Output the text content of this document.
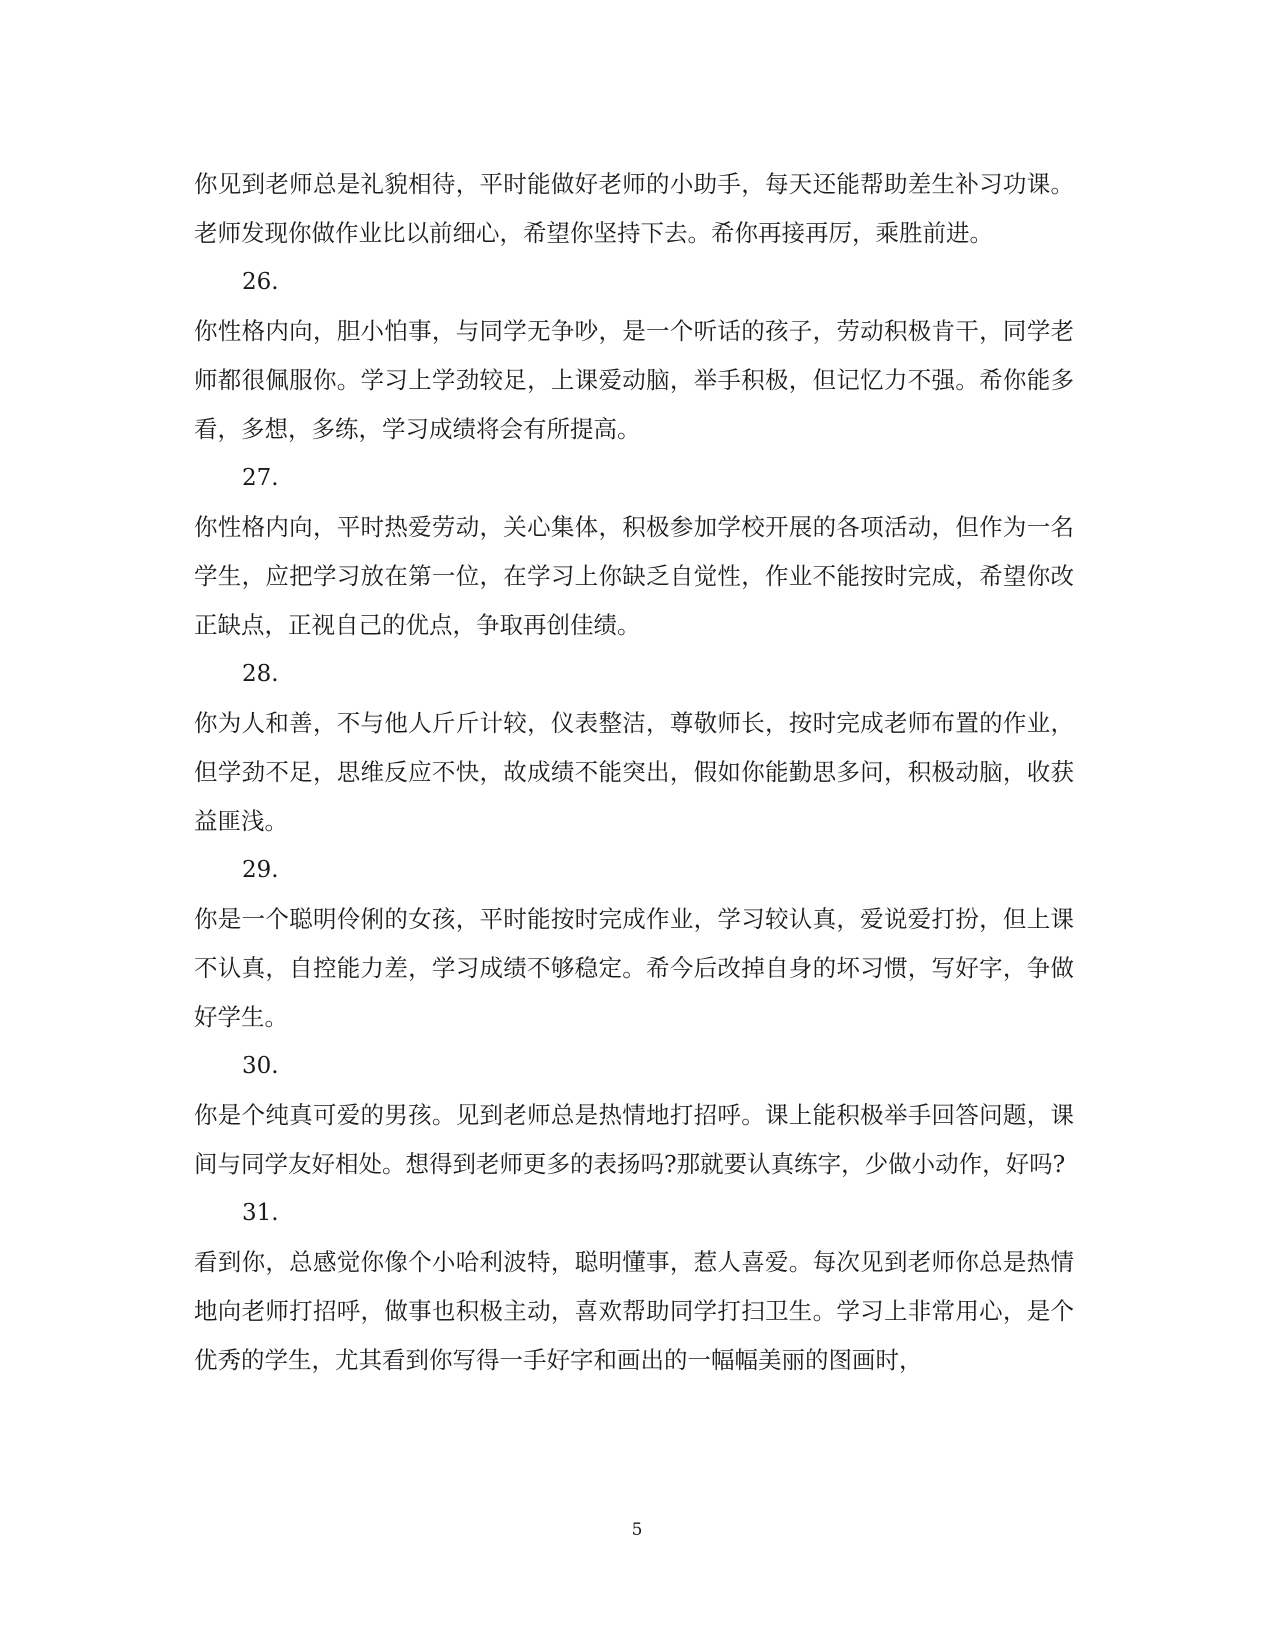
你见到老师总是礼貌相待，平时能做好老师的小助手，每天还能帮助差生补习功课。老师发现你做作业比以前细心，希望你坚持下去。希你再接再厉，乘胜前进。

26.

你性格内向，胆小怕事，与同学无争吵，是一个听话的孩子，劳动积极肯干，同学老师都很佩服你。学习上学劲较足，上课爱动脑，举手积极，但记忆力不强。希你能多看，多想，多练，学习成绩将会有所提高。

27.

你性格内向，平时热爱劳动，关心集体，积极参加学校开展的各项活动，但作为一名学生，应把学习放在第一位，在学习上你缺乏自觉性，作业不能按时完成，希望你改正缺点，正视自己的优点，争取再创佳绩。

28.

你为人和善，不与他人斤斤计较，仪表整洁，尊敬师长，按时完成老师布置的作业，但学劲不足，思维反应不快，故成绩不能突出，假如你能勤思多问，积极动脑，收获益匪浅。

29.

你是一个聪明伶俐的女孩，平时能按时完成作业，学习较认真，爱说爱打扮，但上课不认真，自控能力差，学习成绩不够稳定。希今后改掉自身的坏习惯，写好字，争做好学生。

30.

你是个纯真可爱的男孩。见到老师总是热情地打招呼。课上能积极举手回答问题，课间与同学友好相处。想得到老师更多的表扬吗?那就要认真练字，少做小动作，好吗?

31.

看到你，总感觉你像个小哈利波特，聪明懂事，惹人喜爱。每次见到老师你总是热情地向老师打招呼，做事也积极主动，喜欢帮助同学打扫卫生。学习上非常用心，是个优秀的学生，尤其看到你写得一手好字和画出的一幅幅美丽的图画时，

5
